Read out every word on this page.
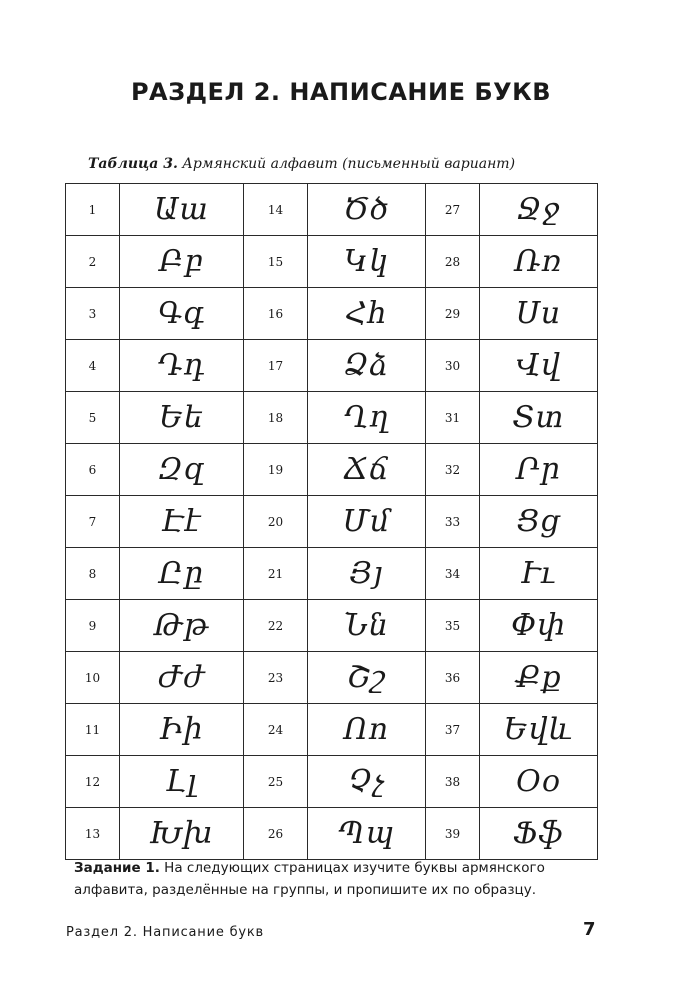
РАЗДЕЛ 2. НАПИСАНИЕ БУКВ
Таблица 3. Армянский алфавит (письменный вариант)
1	Աա	14	Ծծ	27	Ջջ
2	Բբ	15	Կկ	28	Ռռ
3	Գգ	16	Հհ	29	Սս
4	Դդ	17	Ձձ	30	Վվ
5	Եե	18	Ղղ	31	Տտ
6	Զզ	19	Ճճ	32	Րր
7	Էէ	20	Մմ	33	Ցց
8	Ըը	21	Յյ	34	Ււ
9	Թթ	22	Նն	35	Փփ
10	Ժժ	23	Շշ	36	Քք
11	Իի	24	Ոո	37	Եվև
12	Լլ	25	Չչ	38	Օօ
13	Խխ	26	Պպ	39	Ֆֆ
Задание 1. На следующих страницах изучите буквы армянского алфавита, разделённые на группы, и пропишите их по образцу.
Раздел 2. Написание букв	7
